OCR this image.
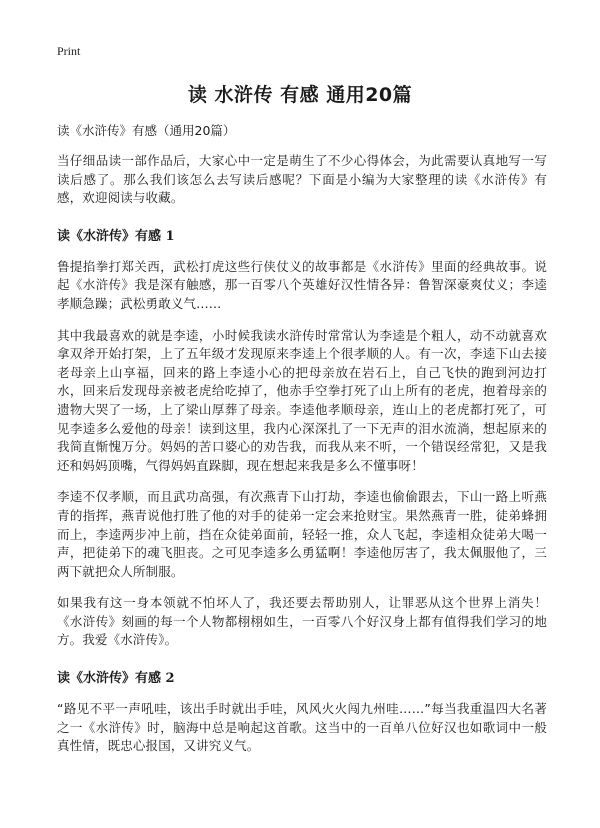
Print
读 水浒传 有感 通用20篇
读《水浒传》有感（通用20篇）

当仔细品读一部作品后，大家心中一定是萌生了不少心得体会，为此需要认真地写一写读后感了。那么我们该怎么去写读后感呢？下面是小编为大家整理的读《水浒传》有感，欢迎阅读与收藏。

读《水浒传》有感 1

鲁提掐拳打郑关西，武松打虎这些行侠仗义的故事都是《水浒传》里面的经典故事。说起《水浒传》我是深有触感，那一百零八个英雄好汉性情各异：鲁智深豪爽仗义；李逵孝顺急躁；武松勇敢义气……

其中我最喜欢的就是李逵，小时候我读水浒传时常常认为李逵是个粗人，动不动就喜欢拿双斧开始打架，上了五年级才发现原来李逵上个很孝顺的人。有一次，李逵下山去接老母亲上山享福，回来的路上李逵小心的把母亲放在岩石上，自己飞快的跑到河边打水，回来后发现母亲被老虎给吃掉了，他赤手空拳打死了山上所有的老虎，抱着母亲的遗物大哭了一场，上了梁山厚葬了母亲。李逵他孝顺母亲，连山上的老虎都打死了，可见李逵多么爱他的母亲！读到这里，我内心深深扎了一下无声的泪水流淌，想起原来的我简直惭愧万分。妈妈的苦口婆心的劝告我，而我从来不听，一个错误经常犯，又是我还和妈妈顶嘴，气得妈妈直跺脚，现在想起来我是多么不懂事呀！

李逵不仅孝顺，而且武功高强，有次燕青下山打劫，李逵也偷偷跟去，下山一路上听燕青的指挥，燕青说他打胜了他的对手的徒弟一定会来抢财宝。果然燕青一胜，徒弟蜂拥而上，李逵两步冲上前，挡在众徒弟面前，轻轻一推，众人飞起，李逵相众徒弟大喝一声，把徒弟下的魂飞胆丧。之可见李逵多么勇猛啊！李逵他厉害了，我太佩服他了，三两下就把众人所制服。

如果我有这一身本领就不怕坏人了，我还要去帮助别人，让罪恶从这个世界上消失！《水浒传》刻画的每一个人物都栩栩如生，一百零八个好汉身上都有值得我们学习的地方。我爱《水浒传》。

读《水浒传》有感 2

“路见不平一声吼哇，该出手时就出手哇，风风火火闯九州哇……”每当我重温四大名著之一《水浒传》时，脑海中总是响起这首歌。这当中的一百单八位好汉也如歌词中一般真性情，既忠心报国，又讲究义气。
